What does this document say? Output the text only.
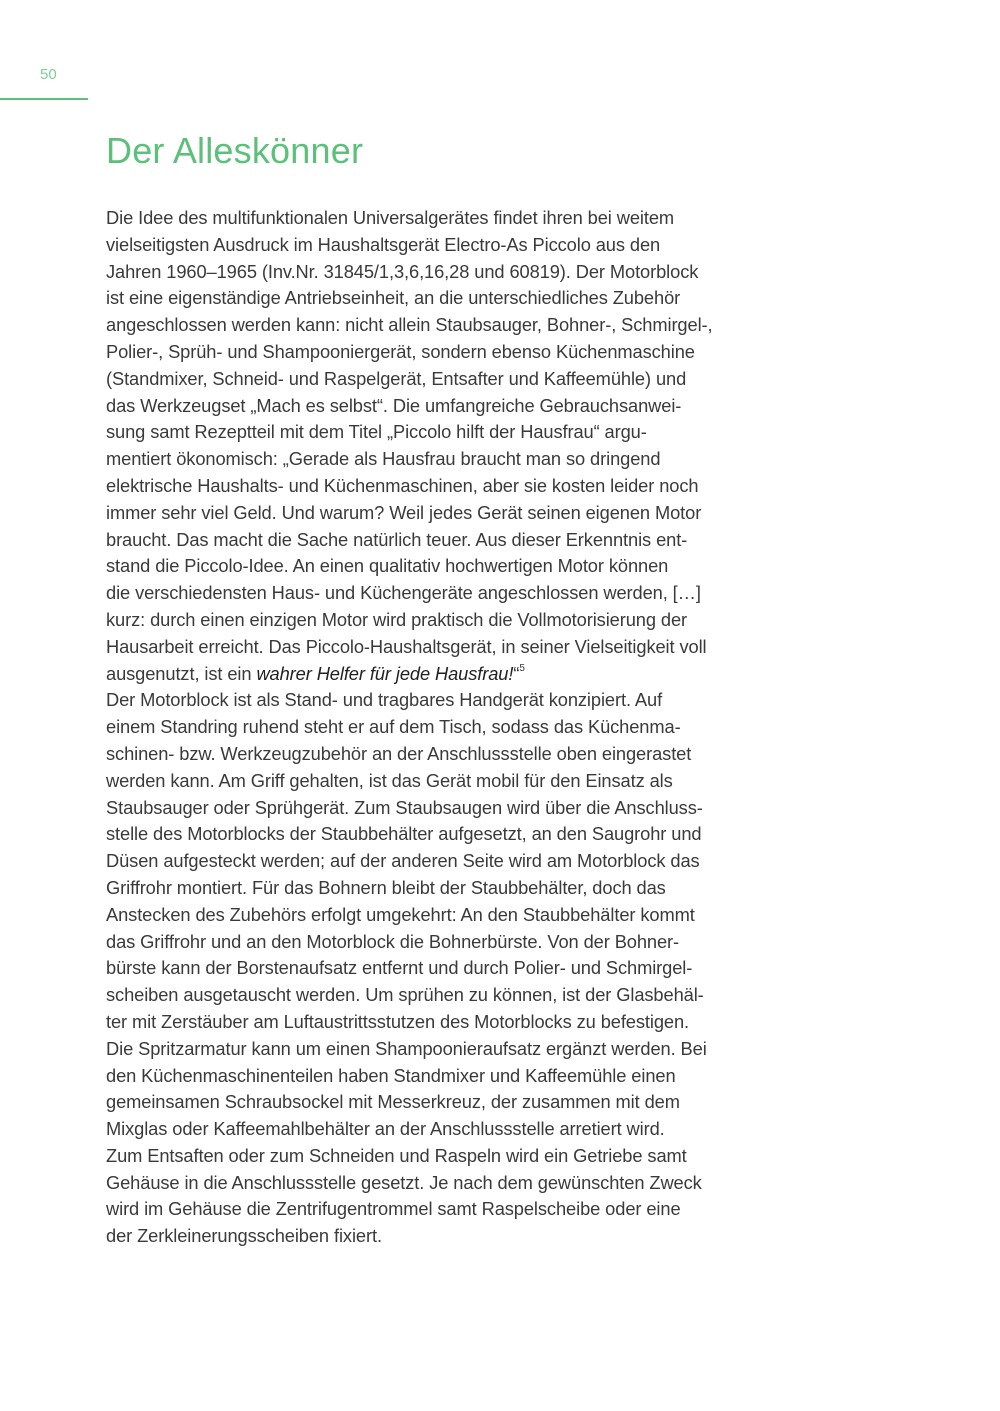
50
Der Alleskönner
Die Idee des multifunktionalen Universalgerätes findet ihren bei weitem
vielseitigsten Ausdruck im Haushaltsgerät Electro-As Piccolo aus den
Jahren 1960–1965 (Inv.Nr. 31845/1,3,6,16,28 und 60819). Der Motorblock
ist eine eigenständige Antriebseinheit, an die unterschiedliches Zubehör
angeschlossen werden kann: nicht allein Staubsauger, Bohner-, Schmirgel-,
Polier-, Sprüh- und Shampooniergerät, sondern ebenso Küchenmaschine
(Standmixer, Schneid- und Raspelgerät, Entsafter und Kaffeemühle) und
das Werkzeugset „Mach es selbst“. Die umfangreiche Gebrauchsanwei-
sung samt Rezeptteil mit dem Titel „Piccolo hilft der Hausfrau“ argu-
mentiert ökonomisch: „Gerade als Hausfrau braucht man so dringend
elektrische Haushalts- und Küchenmaschinen, aber sie kosten leider noch
immer sehr viel Geld. Und warum? Weil jedes Gerät seinen eigenen Motor
braucht. Das macht die Sache natürlich teuer. Aus dieser Erkenntnis ent-
stand die Piccolo-Idee. An einen qualitativ hochwertigen Motor können
die verschiedensten Haus- und Küchengeräte angeschlossen werden, […]
kurz: durch einen einzigen Motor wird praktisch die Vollmotorisierung der
Hausarbeit erreicht. Das Piccolo-Haushaltsgerät, in seiner Vielseitigkeit voll
ausgenutzt, ist ein wahrer Helfer für jede Hausfrau!“$^5$
Der Motorblock ist als Stand- und tragbares Handgerät konzipiert. Auf
einem Standring ruhend steht er auf dem Tisch, sodass das Küchenma-
schinen- bzw. Werkzeugzubehör an der Anschlussstelle oben eingerastet
werden kann. Am Griff gehalten, ist das Gerät mobil für den Einsatz als
Staubsauger oder Sprühgerät. Zum Staubsaugen wird über die Anschluss-
stelle des Motorblocks der Staubbehälter aufgesetzt, an den Saugrohr und
Düsen aufgesteckt werden; auf der anderen Seite wird am Motorblock das
Griffrohr montiert. Für das Bohnern bleibt der Staubbehälter, doch das
Anstecken des Zubehörs erfolgt umgekehrt: An den Staubbehälter kommt
das Griffrohr und an den Motorblock die Bohnerbürste. Von der Bohner-
bürste kann der Borstenaufsatz entfernt und durch Polier- und Schmirgel-
scheiben ausgetauscht werden. Um sprühen zu können, ist der Glasbehäl-
ter mit Zerstäuber am Luftaustrittsstutzen des Motorblocks zu befestigen.
Die Spritzarmatur kann um einen Shampoonieraufsatz ergänzt werden. Bei
den Küchenmaschinenteilen haben Standmixer und Kaffeemühle einen
gemeinsamen Schraubsockel mit Messerkreuz, der zusammen mit dem
Mixglas oder Kaffeemahlbehälter an der Anschlussstelle arretiert wird.
Zum Entsaften oder zum Schneiden und Raspeln wird ein Getriebe samt
Gehäuse in die Anschlussstelle gesetzt. Je nach dem gewünschten Zweck
wird im Gehäuse die Zentrifugentrommel samt Raspelscheibe oder eine
der Zerkleinerungsscheiben fixiert.
